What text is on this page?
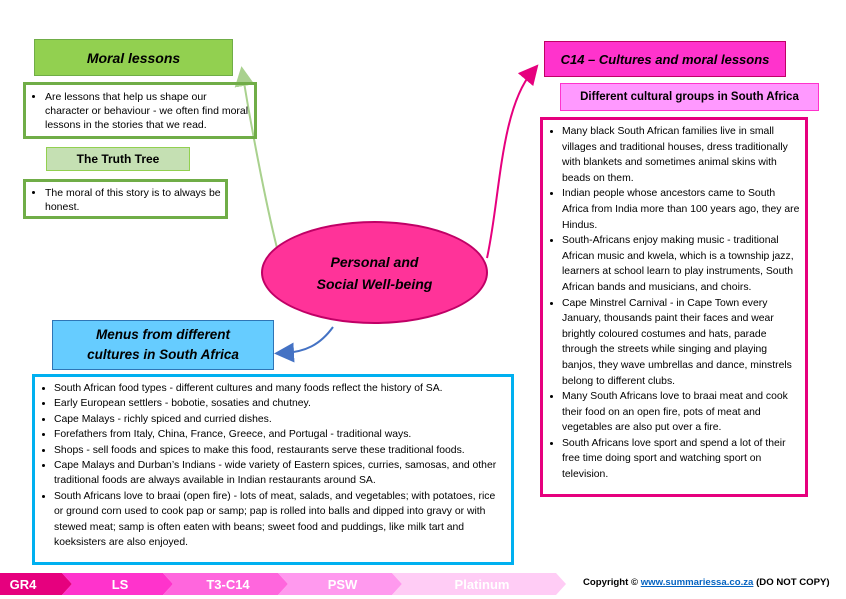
Moral lessons
• Are lessons that help us shape our character or behaviour - we often find moral lessons in the stories that we read.
The Truth Tree
• The moral of this story is to always be honest.
Personal and
Social Well-being
Menus from different
cultures in South Africa
• South African food types - different cultures and many foods reflect the history of SA.
• Early European settlers - bobotie, sosaties and chutney.
• Cape Malays - richly spiced and curried dishes.
• Forefathers from Italy, China, France, Greece, and Portugal - traditional ways.
• Shops - sell foods and spices to make this food, restaurants serve these traditional foods.
• Cape Malays and Durban’s Indians - wide variety of Eastern spices, curries, samosas, and other traditional foods are always available in Indian restaurants around SA.
• South Africans love to braai (open fire) - lots of meat, salads, and vegetables; with potatoes, rice or ground corn used to cook pap or samp; pap is rolled into balls and dipped into gravy or with stewed meat; samp is often eaten with beans; sweet food and puddings, like milk tart and koeksisters are also enjoyed.
C14 – Cultures and moral lessons
Different cultural groups in South Africa
• Many black South African families live in small villages and traditional houses, dress traditionally with blankets and sometimes animal skins with beads on them.
• Indian people whose ancestors came to South Africa from India more than 100 years ago, they are Hindus.
• South-Africans enjoy making music - traditional African music and kwela, which is a township jazz, learners at school learn to play instruments, South African bands and musicians, and choirs.
• Cape Minstrel Carnival - in Cape Town every January, thousands paint their faces and wear brightly coloured costumes and hats, parade through the streets while singing and playing banjos, they wave umbrellas and dance, minstrels belong to different clubs.
• Many South Africans love to braai meat and cook their food on an open fire, pots of meat and vegetables are also put over a fire.
• South Africans love sport and spend a lot of their free time doing sport and watching sport on television.
GR4	LS	T3-C14	PSW	Platinum	Copyright © www.summariessa.co.za (DO NOT COPY)
